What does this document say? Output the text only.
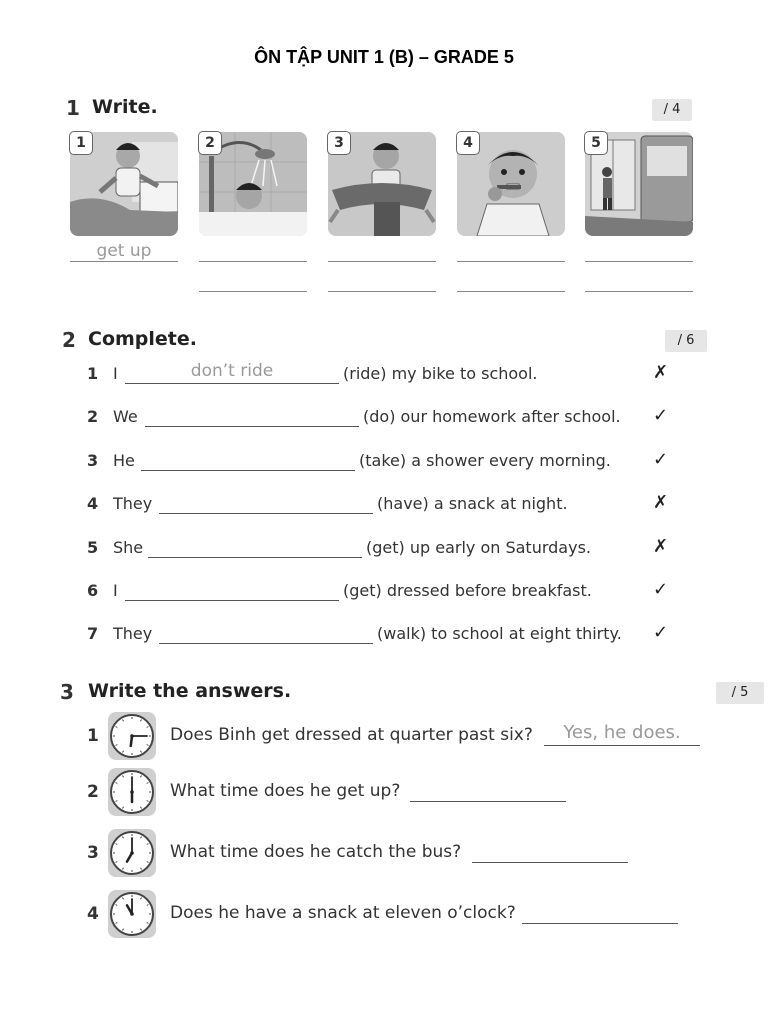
ÔN TẬP UNIT 1 (B) – GRADE 5
1 Write.	/ 4
1	2	3	4	5
get up
2 Complete.	/ 6
1 I	don’t ride	(ride) my bike to school.	✗
2 We	(do) our homework after school. ✓
3 He	(take) a shower every morning. ✓
4 They	(have) a snack at night.	✗
5 She	(get) up early on Saturdays.	✗
6 I	(get) dressed before breakfast.	✓
7 They	(walk) to school at eight thirty. ✓
3 Write the answers.	/ 5
1	Does Binh get dressed at quarter past six?	Yes, he does.
2	What time does he get up?
3	What time does he catch the bus?
4	Does he have a snack at eleven o’clock?
